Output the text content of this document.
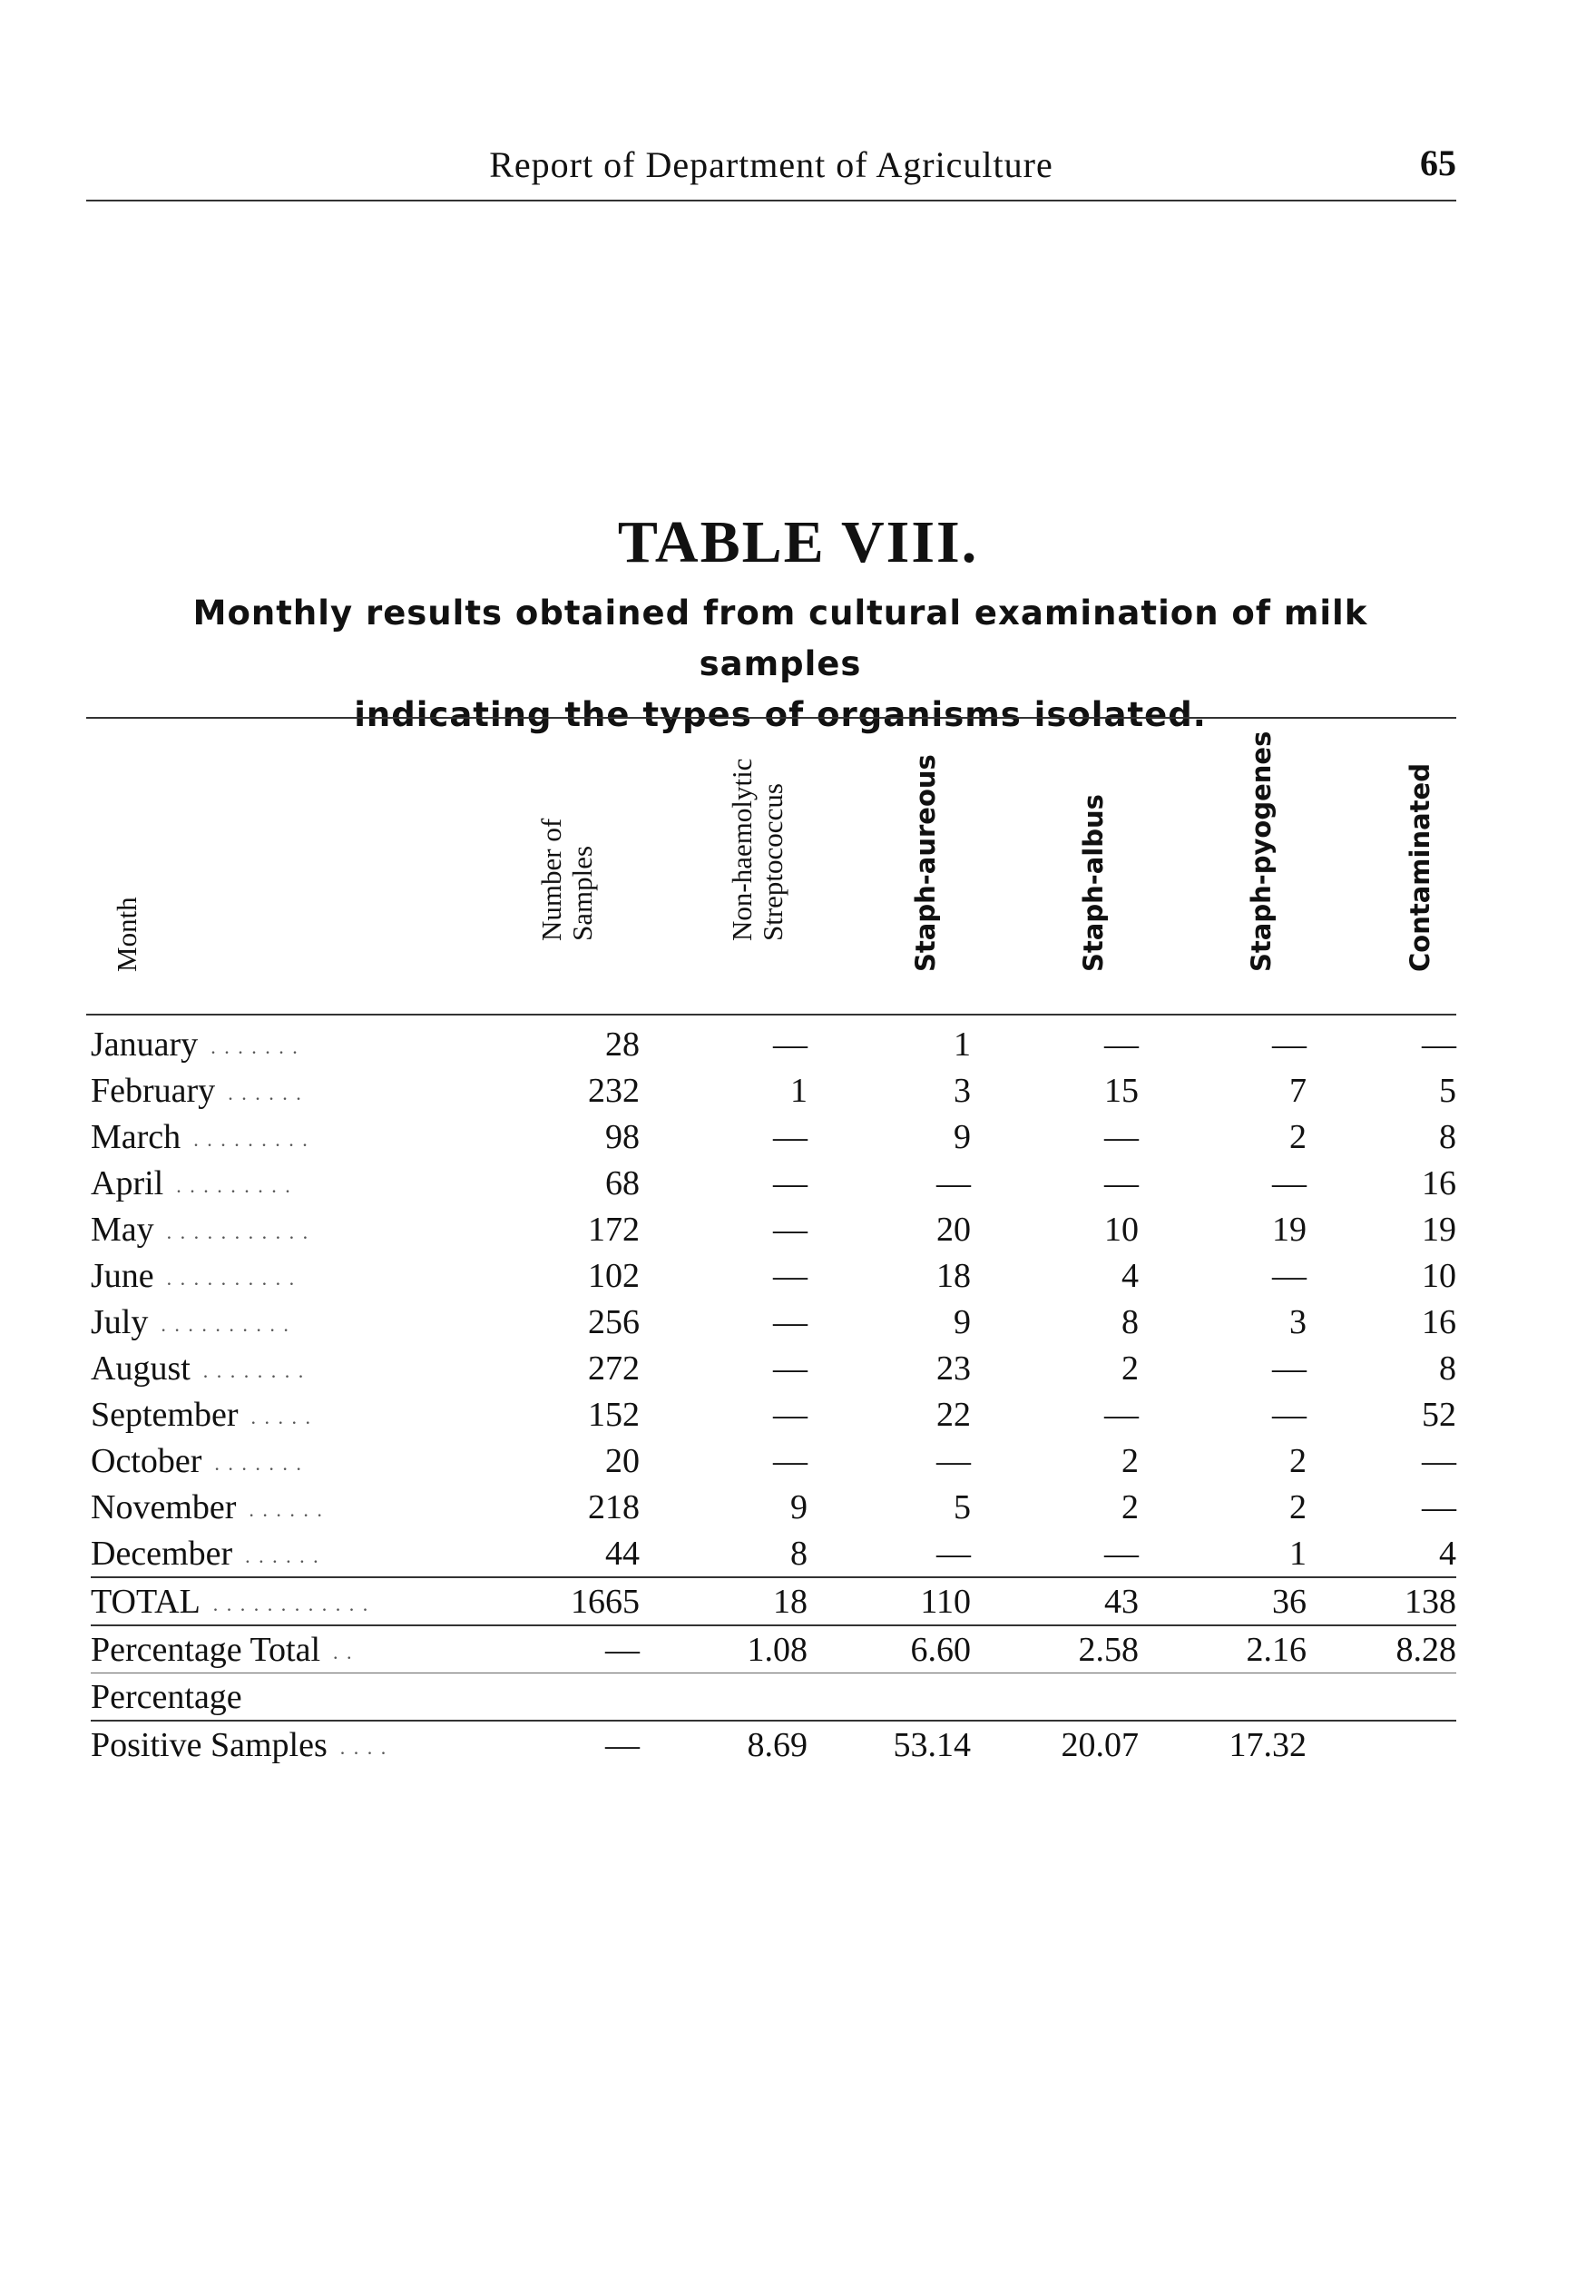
Report of Department of Agriculture	65
TABLE VIII.
Monthly results obtained from cultural examination of milk samples
indicating the types of organisms isolated.
Month	Number of Samples	Non-haemolytic Streptococcus	Staph-aureous	Staph-albus	Staph-pyogenes	Contaminated
January . . . . . . .	28	—	1	—	—	—
February . . . . . .	232	1	3	15	7	5
March . . . . . . . . .	98	—	9	—	2	8
April . . . . . . . . .	68	—	—	—	—	16
May . . . . . . . . . . .	172	—	20	10	19	19
June . . . . . . . . . .	102	—	18	4	—	10
July . . . . . . . . . .	256	—	9	8	3	16
August . . . . . . . .	272	—	23	2	—	8
September . . . . .	152	—	22	—	—	52
October . . . . . . .	20	—	—	2	2	—
November . . . . . .	218	9	5	2	2	—
December . . . . . .	44	8	—	—	1	4
TOTAL . . . . . . . . . . . .	1665	18	110	43	36	138
Percentage Total . .	—	1.08	6.60	2.58	2.16	8.28
Percentage						
Positive Samples . . . .	—	8.69	53.14	20.07	17.32	
